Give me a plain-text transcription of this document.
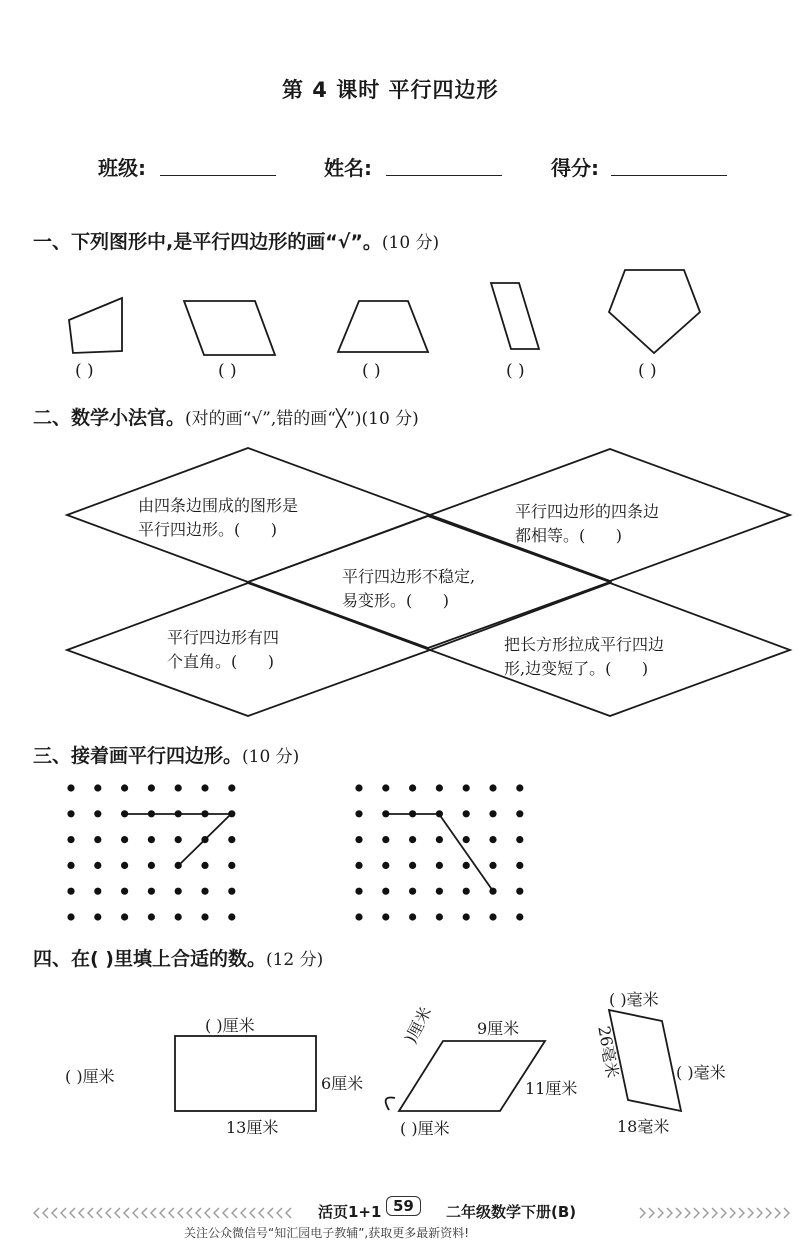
第 4 课时 平行四边形
班级:	姓名:	得分:
一、下列图形中,是平行四边形的画“√”。(10 分)
( )	( )	( )	( )	( )
二、数学小法官。(对的画“√”,错的画“╳”)(10 分)
由四条边围成的图形是
平行四边形。(      )
平行四边形的四条边
都相等。(      )
平行四边形不稳定,
易变形。(      )
平行四边形有四
个直角。(      )
把长方形拉成平行四边
形,边变短了。(      )
三、接着画平行四边形。(10 分)
四、在( )里填上合适的数。(12 分)
( )厘米
( )厘米	6厘米
13厘米
9厘米
)厘米
11厘米
( )厘米
( )毫米
26毫米	( )毫米
18毫米
活页1+1 59	二年级数学下册(B)
关注公众微信号“知汇园电子教辅”,获取更多最新资料!
